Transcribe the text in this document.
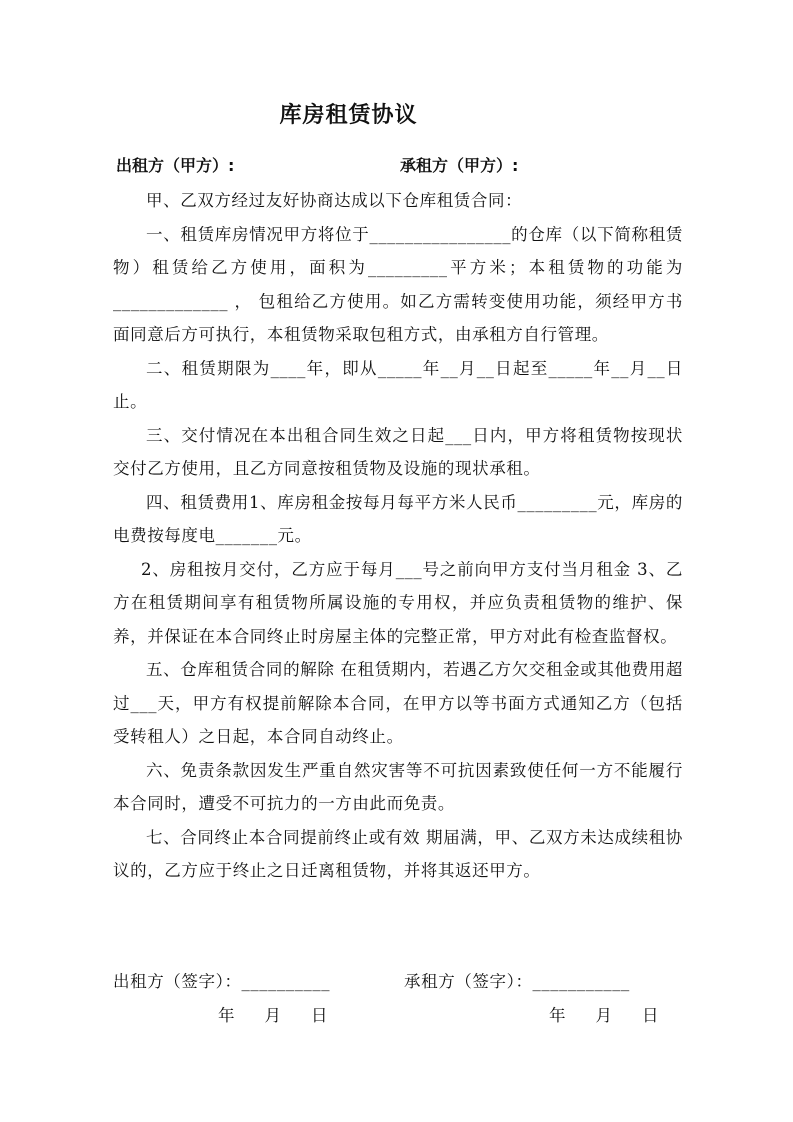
库房租赁协议
出租方（甲方）:	承租方（甲方）:

甲、乙双方经过友好协商达成以下仓库租赁合同：

一、租赁库房情况甲方将位于________________的仓库（以下简称租赁物）租赁给乙方使用，面积为_________平方米；本租赁物的功能为_____________ ， 包租给乙方使用。如乙方需转变使用功能，须经甲方书面同意后方可执行，本租赁物采取包租方式，由承租方自行管理。

二、租赁期限为____年，即从_____年__月__日起至_____年__月__日止。

三、交付情况在本出租合同生效之日起___日内，甲方将租赁物按现状交付乙方使用，且乙方同意按租赁物及设施的现状承租。

四、租赁费用1、库房租金按每月每平方米人民币_________元，库房的电费按每度电_______元。

2、房租按月交付，乙方应于每月___号之前向甲方支付当月租金 3、乙方在租赁期间享有租赁物所属设施的专用权，并应负责租赁物的维护、保养，并保证在本合同终止时房屋主体的完整正常，甲方对此有检查监督权。

五、仓库租赁合同的解除 在租赁期内，若遇乙方欠交租金或其他费用超过___天，甲方有权提前解除本合同，在甲方以等书面方式通知乙方（包括受转租人）之日起，本合同自动终止。

六、免责条款因发生严重自然灾害等不可抗因素致使任何一方不能履行本合同时，遭受不可抗力的一方由此而免责。

七、合同终止本合同提前终止或有效 期届满，甲、乙双方未达成续租协议的，乙方应于终止之日迁离租赁物，并将其返还甲方。

出租方（签字）：__________	承租方（签字）：___________
年 月 日	年 月 日
